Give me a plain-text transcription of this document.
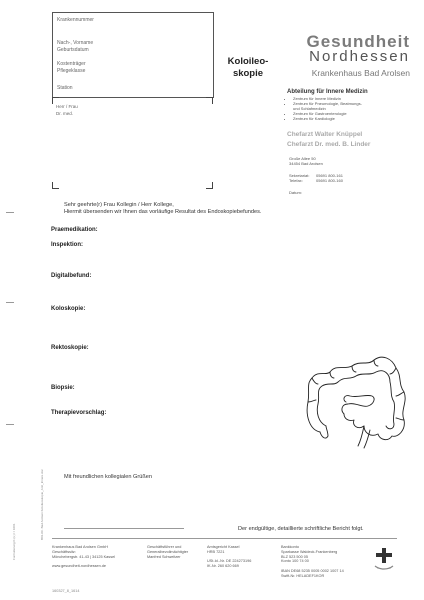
Krankennummer
Nach-, Vorname
Geburtsdatum
Kostenträger
Pflegeklasse
Station
Herr / Frau
Dr. med.
Koloileo-
skopie
Gesundheit
Nordhessen
Krankenhaus Bad Arolsen
Abteilung für Innere Medizin
• Zentrum für Innere Medizin
• Zentrum für Pneumologie, Beatmungs-
und Schlafmedizin
• Zentrum für Gastroenterologie
• Zentrum für Kardiologie
Chefarzt Walter Knüppel
Chefarzt Dr. med. B. Linder
Große Allee 50
34454 Bad Arolsen
Sekretariat: 05691 800-161
Telefax:	05691 800-160
Datum:
Sehr geehrte(r) Frau Kollegin / Herr Kollege,
Hiermit übersenden wir Ihnen das vorläufige Resultat des Endoskopiebefundes.
Praemedikation:
Inspektion:
Digitalbefund:
Koloskopie:
Rektoskopie:
Biopsie:
Therapievorschlag:
Mit freundlichen kollegialen Grüßen
Der endgültige, detaillierte schriftliche Bericht folgt.
B01-Kh. Bad Arolsen Koloileoskopie_Arzt_Innere.doc
Formulierung K (s.) I / 1001	Krankenhaus Bad Arolsen GmbH
Geschäftssitz:
Mönchebergstr. 41-43 | 34125 Kassel
www.gesundheit-nordhessen.de
Geschäftsführer und
Generalbevollmächtigter
Manfred Schweitzer
Amtsgericht Kassel
HRB 7221
USt-Id.-Nr. DE 224273196
IK-Nr. 260 620 669
Bankkonto
Sparkasse Waldeck-Frankenberg
BLZ 523 500 05
Konto 100 74 00
IBAN DE68 5235 0005 0002 1007 14
Swift-Nr. HELADEF1KOR
160327_8_1614
